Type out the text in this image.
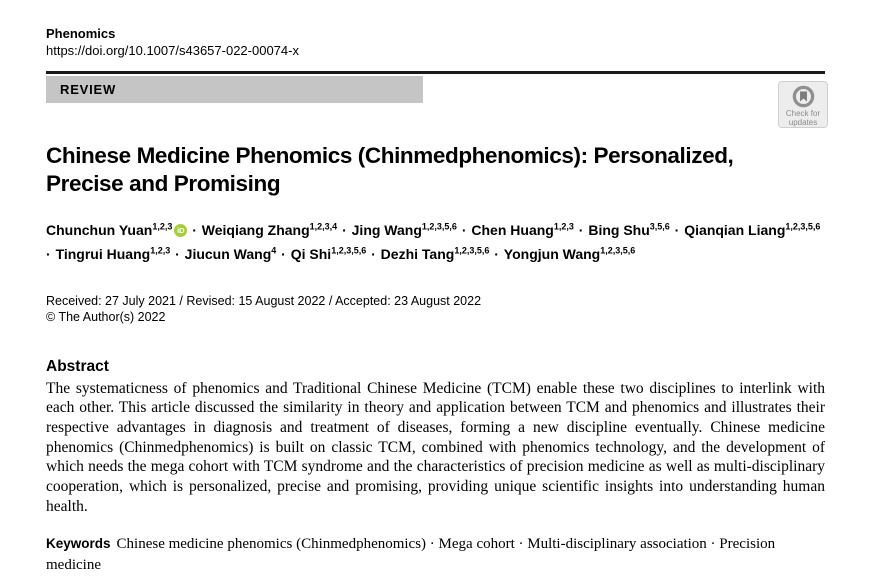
Phenomics
https://doi.org/10.1007/s43657-022-00074-x
REVIEW
Check for
updates
Chinese Medicine Phenomics (Chinmedphenomics): Personalized, Precise and Promising
Chunchun Yuan$^{1,2,3}$ iD · Weiqiang Zhang$^{1,2,3,4}$ · Jing Wang$^{1,2,3,5,6}$ · Chen Huang$^{1,2,3}$ · Bing Shu$^{3,5,6}$ · Qianqian Liang$^{1,2,3,5,6}$ · Tingrui Huang$^{1,2,3}$ · Jiucun Wang$^4$ · Qi Shi$^{1,2,3,5,6}$ · Dezhi Tang$^{1,2,3,5,6}$ · Yongjun Wang$^{1,2,3,5,6}$
Received: 27 July 2021 / Revised: 15 August 2022 / Accepted: 23 August 2022
© The Author(s) 2022
Abstract

The systematicness of phenomics and Traditional Chinese Medicine (TCM) enable these two disciplines to interlink with each other. This article discussed the similarity in theory and application between TCM and phenomics and illustrates their respective advantages in diagnosis and treatment of diseases, forming a new discipline eventually. Chinese medicine phenomics (Chinmedphenomics) is built on classic TCM, combined with phenomics technology, and the development of which needs the mega cohort with TCM syndrome and the characteristics of precision medicine as well as multi-disciplinary cooperation, which is personalized, precise and promising, providing unique scientific insights into understanding human health.

Keywords Chinese medicine phenomics (Chinmedphenomics) · Mega cohort · Multi-disciplinary association · Precision medicine
